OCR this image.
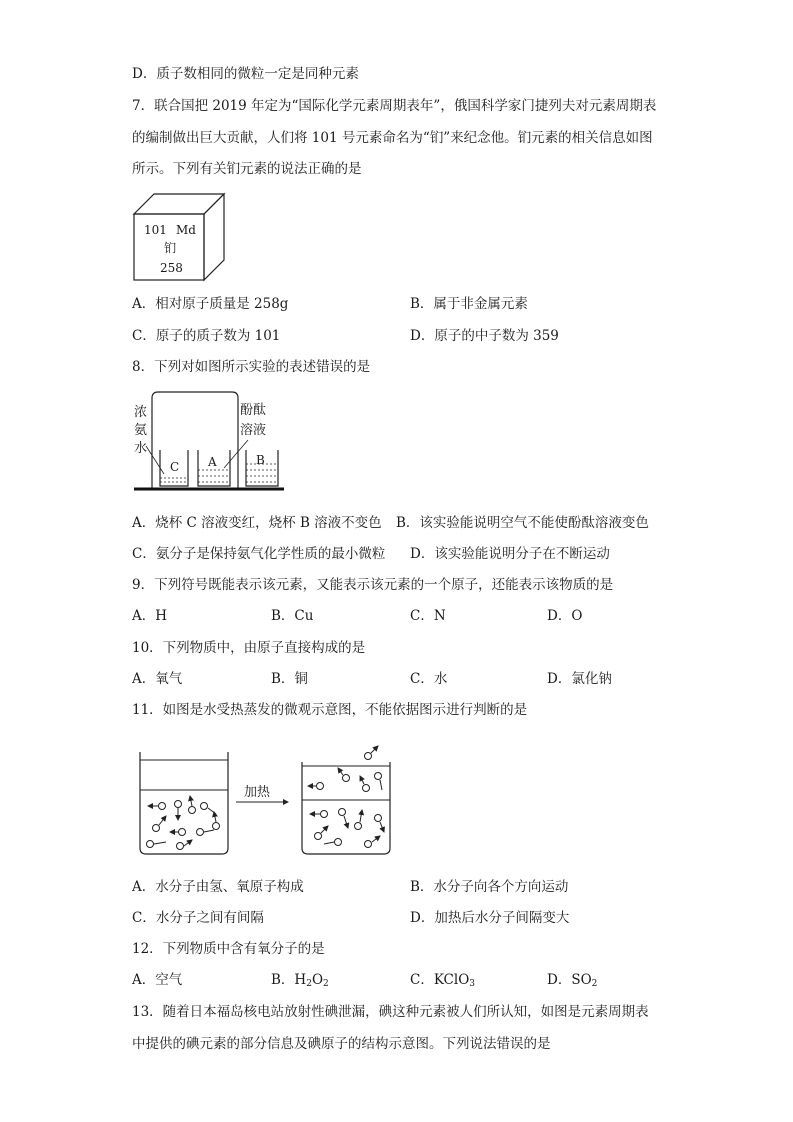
D．质子数相同的微粒一定是同种元素
7．联合国把 2019 年定为“国际化学元素周期表年”，俄国科学家门捷列夫对元素周期表
的编制做出巨大贡献，人们将 101 号元素命名为“钔”来纪念他。钔元素的相关信息如图
所示。下列有关钔元素的说法正确的是
101 Md
钔
258
A．相对原子质量是 258g	B．属于非金属元素
C．原子的质子数为 101	D．原子的中子数为 359
8．下列对如图所示实验的表述错误的是
C A	B
浓
氨
水
酚酞
溶液
A．烧杯 C 溶液变红，烧杯 B 溶液不变色 B．该实验能说明空气不能使酚酞溶液变色
C．氨分子是保持氨气化学性质的最小微粒 D．该实验能说明分子在不断运动
9．下列符号既能表示该元素，又能表示该元素的一个原子，还能表示该物质的是
A．H	B．Cu	C．N	D．O
10．下列物质中，由原子直接构成的是
A．氧气	B．铜	C．水	D．氯化钠
11．如图是水受热蒸发的微观示意图，不能依据图示进行判断的是
加热
A．水分子由氢、氧原子构成	B．水分子向各个方向运动
C．水分子之间有间隔	D．加热后水分子间隔变大
12．下列物质中含有氧分子的是
A．空气	B．$H_2O_2$	C．KClO$_3$	D．$SO_2$
13．随着日本福岛核电站放射性碘泄漏，碘这种元素被人们所认知，如图是元素周期表
中提供的碘元素的部分信息及碘原子的结构示意图。下列说法错误的是
